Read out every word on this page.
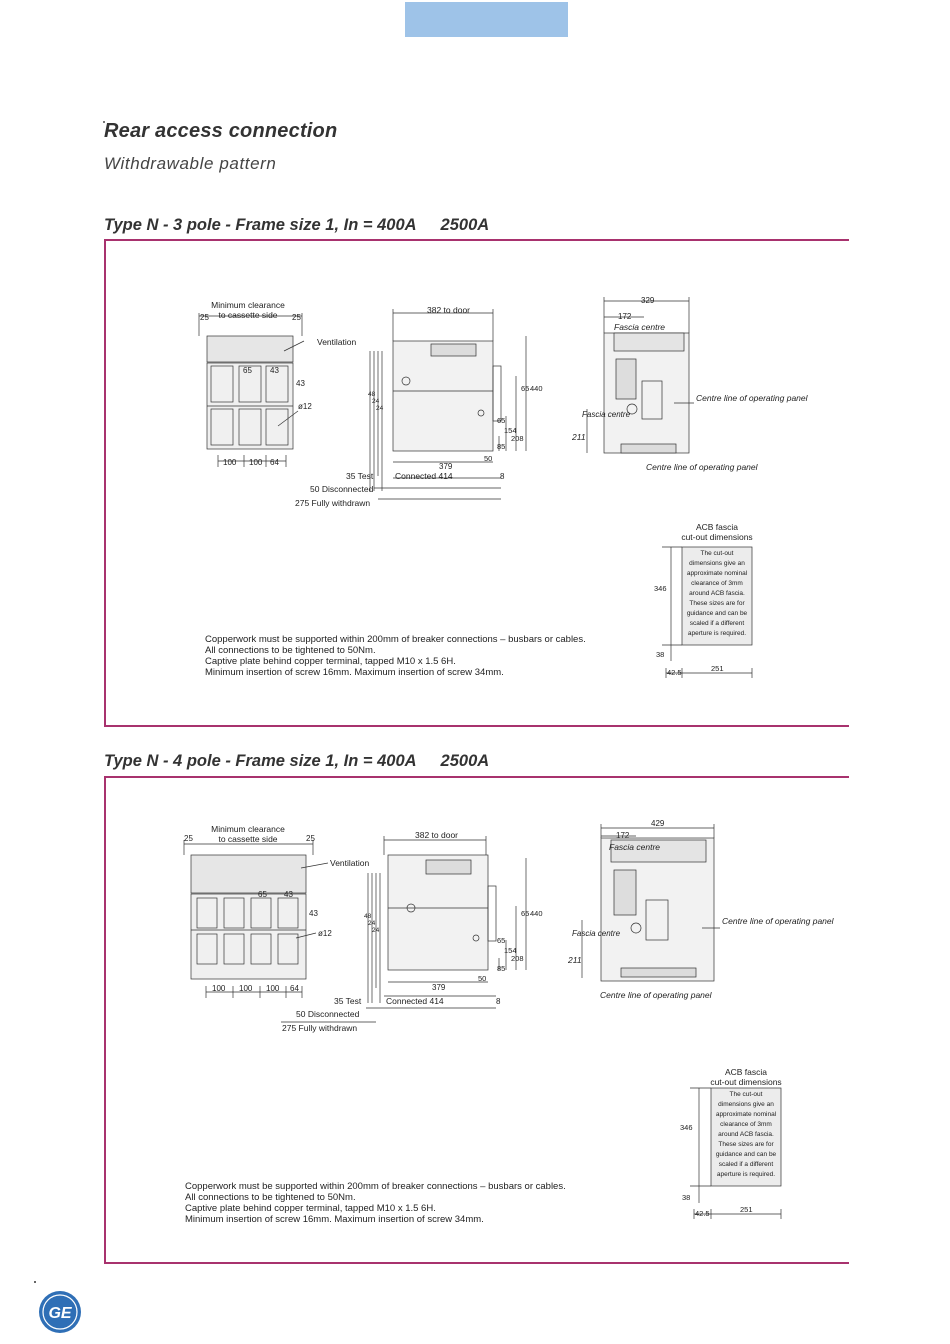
Rear access connection
Withdrawable pattern
Type N - 3 pole - Frame size 1, In = 400A 2500A
Minimum clearance
to cassette side
25	25
Ventilation
65 43
43
ø12
100 100 64
382 to door
65 440
65
154
208
85
50
379
8
35 Test	Connected 414
50 Disconnected
275 Fully withdrawn
48
24
24
329
172
Fascia centre
211
Fascia centre
Centre line of operating panel
Centre line of operating panel
ACB fascia
cut-out dimensions
The cut-out dimensions give an approximate nominal clearance of 3mm around ACB fascia. These sizes are for guidance and can be scaled if a different aperture is required.
346
38
42.5	251
Copperwork must be supported within 200mm of breaker connections – busbars or cables.
All connections to be tightened to 50Nm.
Captive plate behind copper terminal, tapped M10 x 1.5 6H.
Minimum insertion of screw 16mm. Maximum insertion of screw 34mm.
Type N - 4 pole - Frame size 1, In = 400A 2500A
Minimum clearance
to cassette side
25	25
Ventilation
65 43
43
ø12
100 100 100 64
382 to door
65 440
65
154
208
85
50
379
8
35 Test	Connected 414
50 Disconnected
275 Fully withdrawn
48
24
24
429
172
Fascia centre
211
Fascia centre
Centre line of operating panel
Centre line of operating panel
ACB fascia
cut-out dimensions
The cut-out dimensions give an approximate nominal clearance of 3mm around ACB fascia. These sizes are for guidance and can be scaled if a different aperture is required.
346
38
42.5	251
Copperwork must be supported within 200mm of breaker connections – busbars or cables.
All connections to be tightened to 50Nm.
Captive plate behind copper terminal, tapped M10 x 1.5 6H.
Minimum insertion of screw 16mm. Maximum insertion of screw 34mm.
GE
